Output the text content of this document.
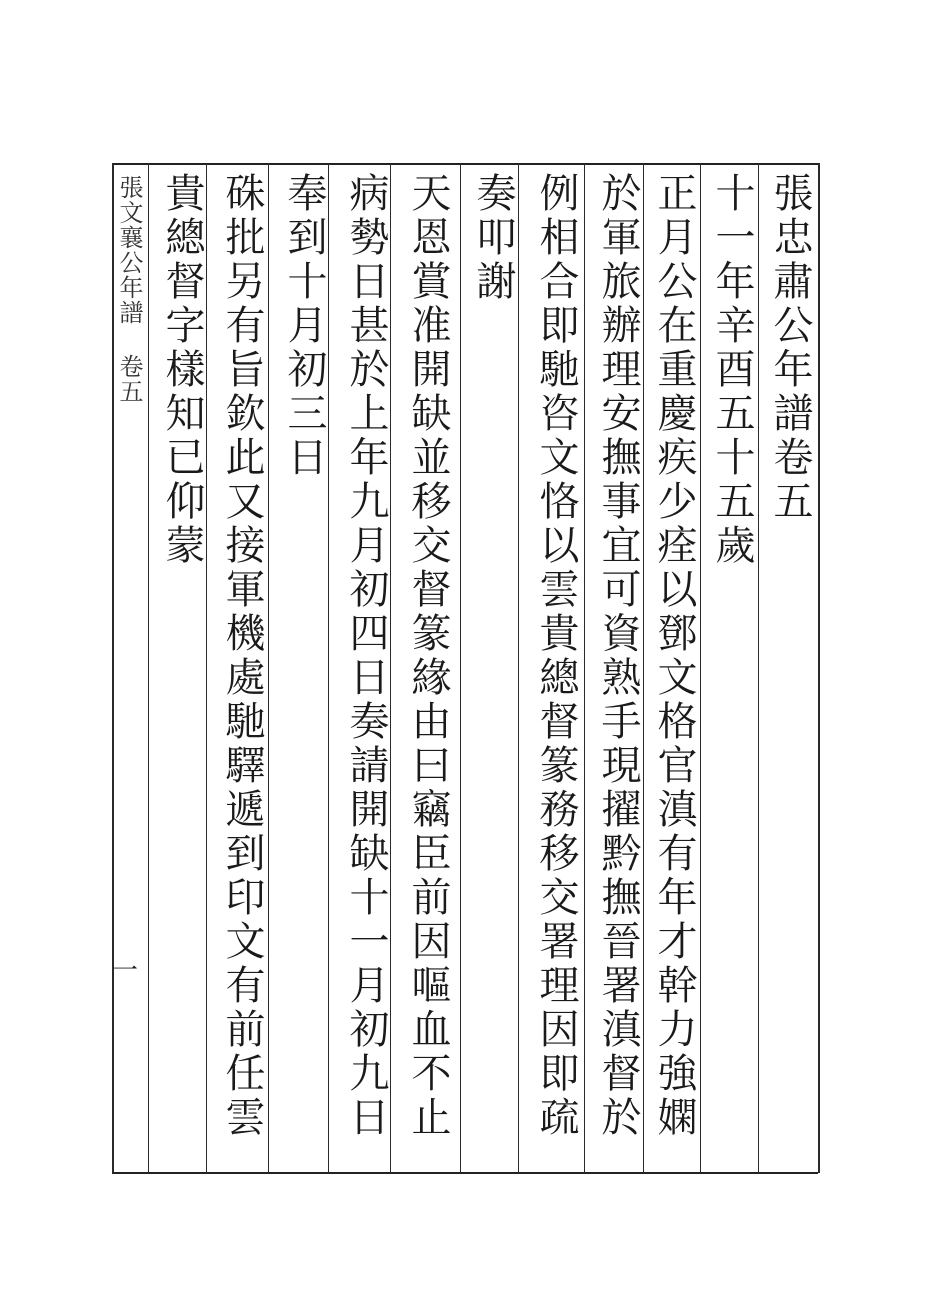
張文襄公年譜 卷五
一
張忠肅公年譜卷五
十一年辛酉五十五歲
正月公在重慶疾少痊以鄧文格官滇有年才幹力強嫻
於軍旅辦理安撫事宜可資熟手現擢黔撫晉署滇督於
例相合即馳咨文恪以雲貴總督篆務移交署理因即疏
奏叩謝
天恩賞准開缺並移交督篆緣由曰竊臣前因嘔血不止
病勢日甚於上年九月初四日奏請開缺十一月初九日
奉到十月初三日
硃批另有旨欽此又接軍機處馳驛遞到印文有前任雲
貴總督字樣知已仰蒙
